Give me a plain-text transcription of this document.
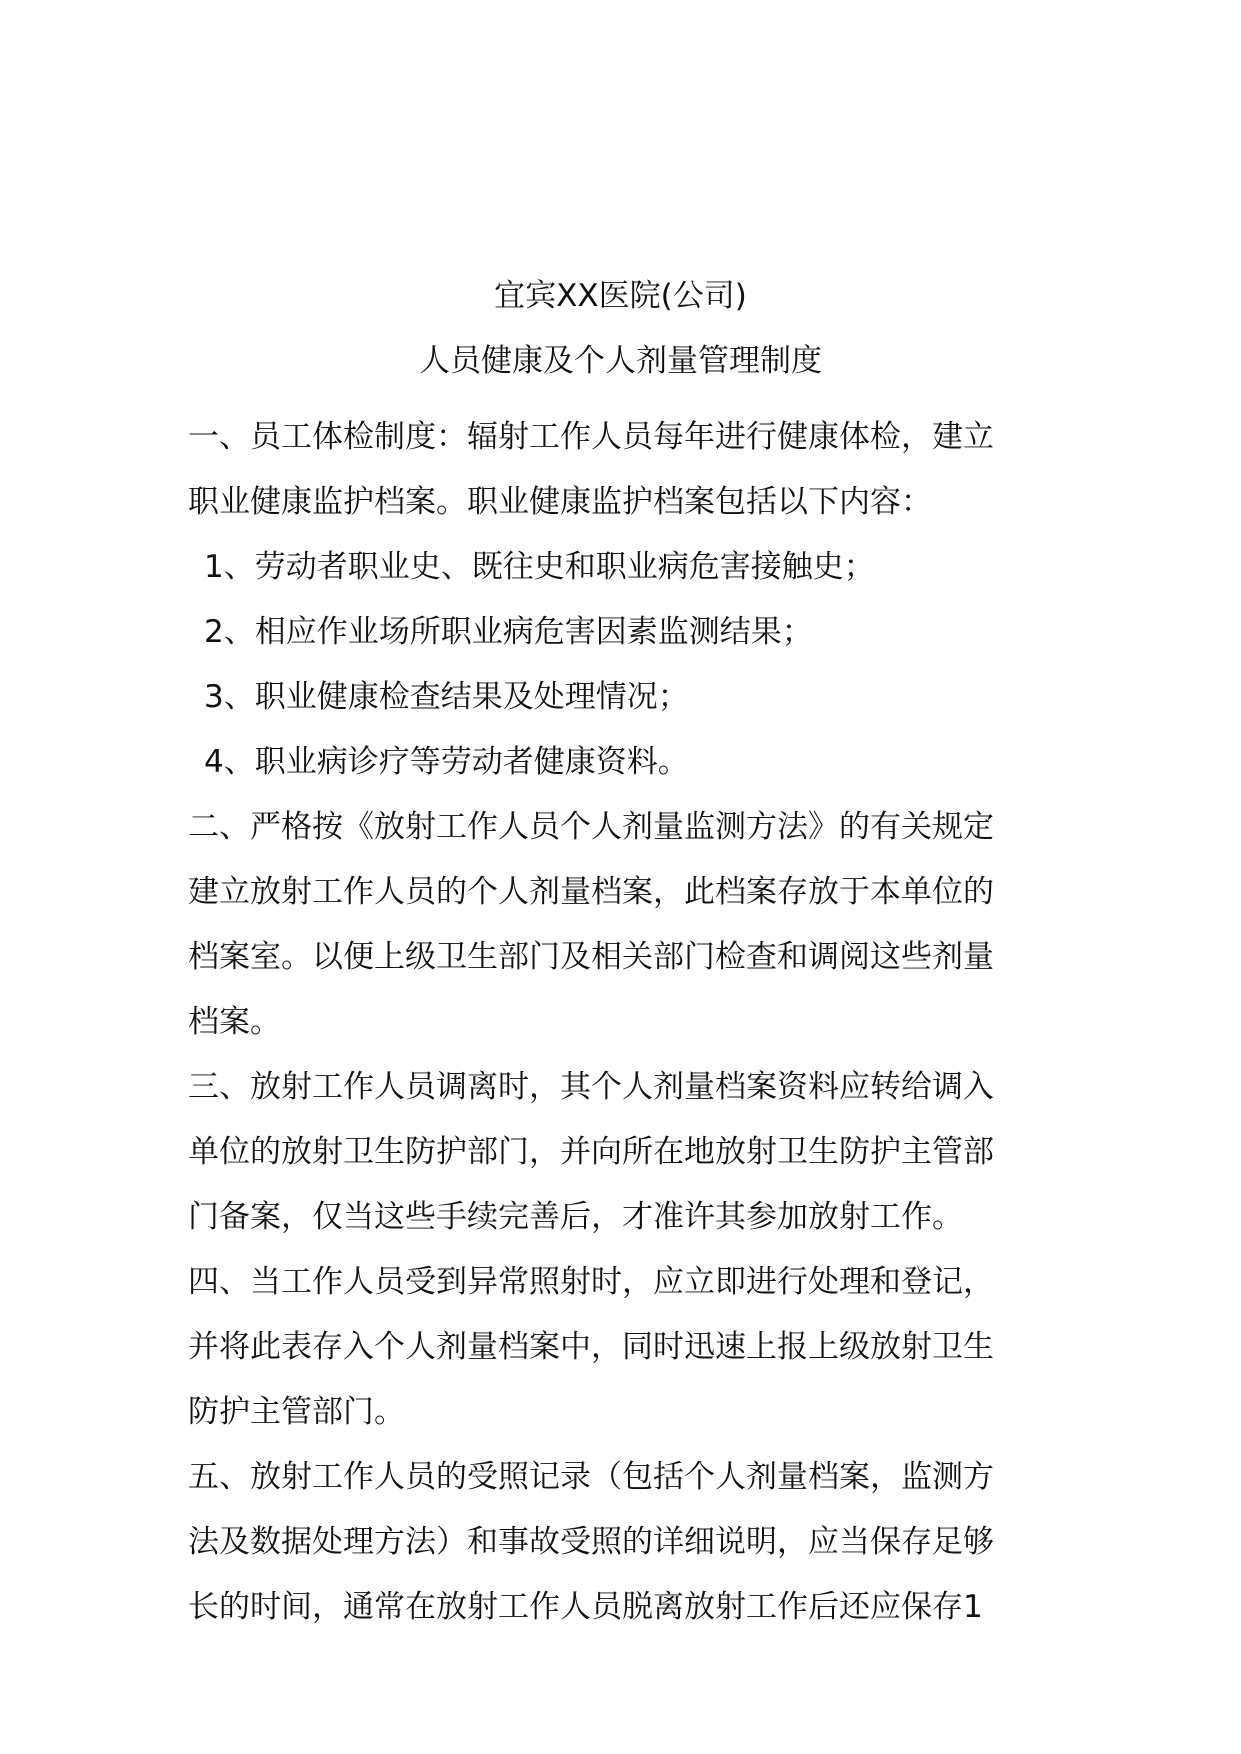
宜宾XX医院(公司)
人员健康及个人剂量管理制度
一、员工体检制度：辐射工作人员每年进行健康体检，建立
职业健康监护档案。职业健康监护档案包括以下内容：
1、劳动者职业史、既往史和职业病危害接触史；
2、相应作业场所职业病危害因素监测结果；
3、职业健康检查结果及处理情况；
4、职业病诊疗等劳动者健康资料。
二、严格按《放射工作人员个人剂量监测方法》的有关规定
建立放射工作人员的个人剂量档案，此档案存放于本单位的
档案室。以便上级卫生部门及相关部门检查和调阅这些剂量
档案。
三、放射工作人员调离时，其个人剂量档案资料应转给调入
单位的放射卫生防护部门，并向所在地放射卫生防护主管部
门备案，仅当这些手续完善后，才准许其参加放射工作。
四、当工作人员受到异常照射时，应立即进行处理和登记，
并将此表存入个人剂量档案中，同时迅速上报上级放射卫生
防护主管部门。
五、放射工作人员的受照记录（包括个人剂量档案，监测方
法及数据处理方法）和事故受照的详细说明，应当保存足够
长的时间，通常在放射工作人员脱离放射工作后还应保存1
